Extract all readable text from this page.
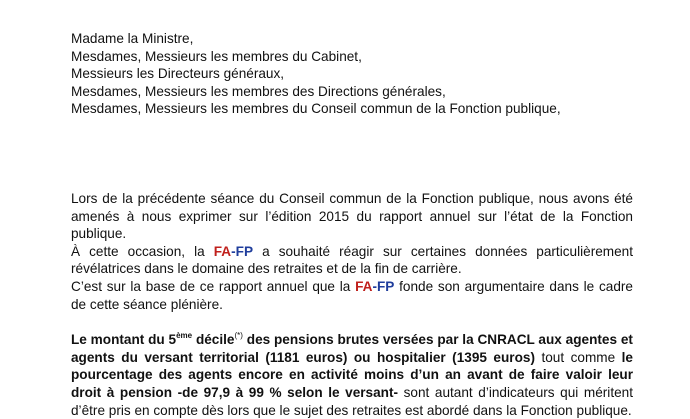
Madame la Ministre,

Mesdames, Messieurs les membres du Cabinet,

Messieurs les Directeurs généraux,

Mesdames, Messieurs les membres des Directions générales,

Mesdames, Messieurs les membres du Conseil commun de la Fonction publique,

Lors de la précédente séance du Conseil commun de la Fonction publique, nous avons été amenés à nous exprimer sur l’édition 2015 du rapport annuel sur l’état de la Fonction publique.

À cette occasion, la FA-FP a souhaité réagir sur certaines données particulièrement révélatrices dans le domaine des retraites et de la fin de carrière.

C’est sur la base de ce rapport annuel que la FA-FP fonde son argumentaire dans le cadre de cette séance plénière.

Le montant du 5ème décile(*) des pensions brutes versées par la CNRACL aux agentes et agents du versant territorial (1181 euros) ou hospitalier (1395 euros) tout comme le pourcentage des agents encore en activité moins d’un an avant de faire valoir leur droit à pension -de 97,9 à 99 % selon le versant- sont autant d’indicateurs qui méritent d’être pris en compte dès lors que le sujet des retraites est abordé dans la Fonction publique.
